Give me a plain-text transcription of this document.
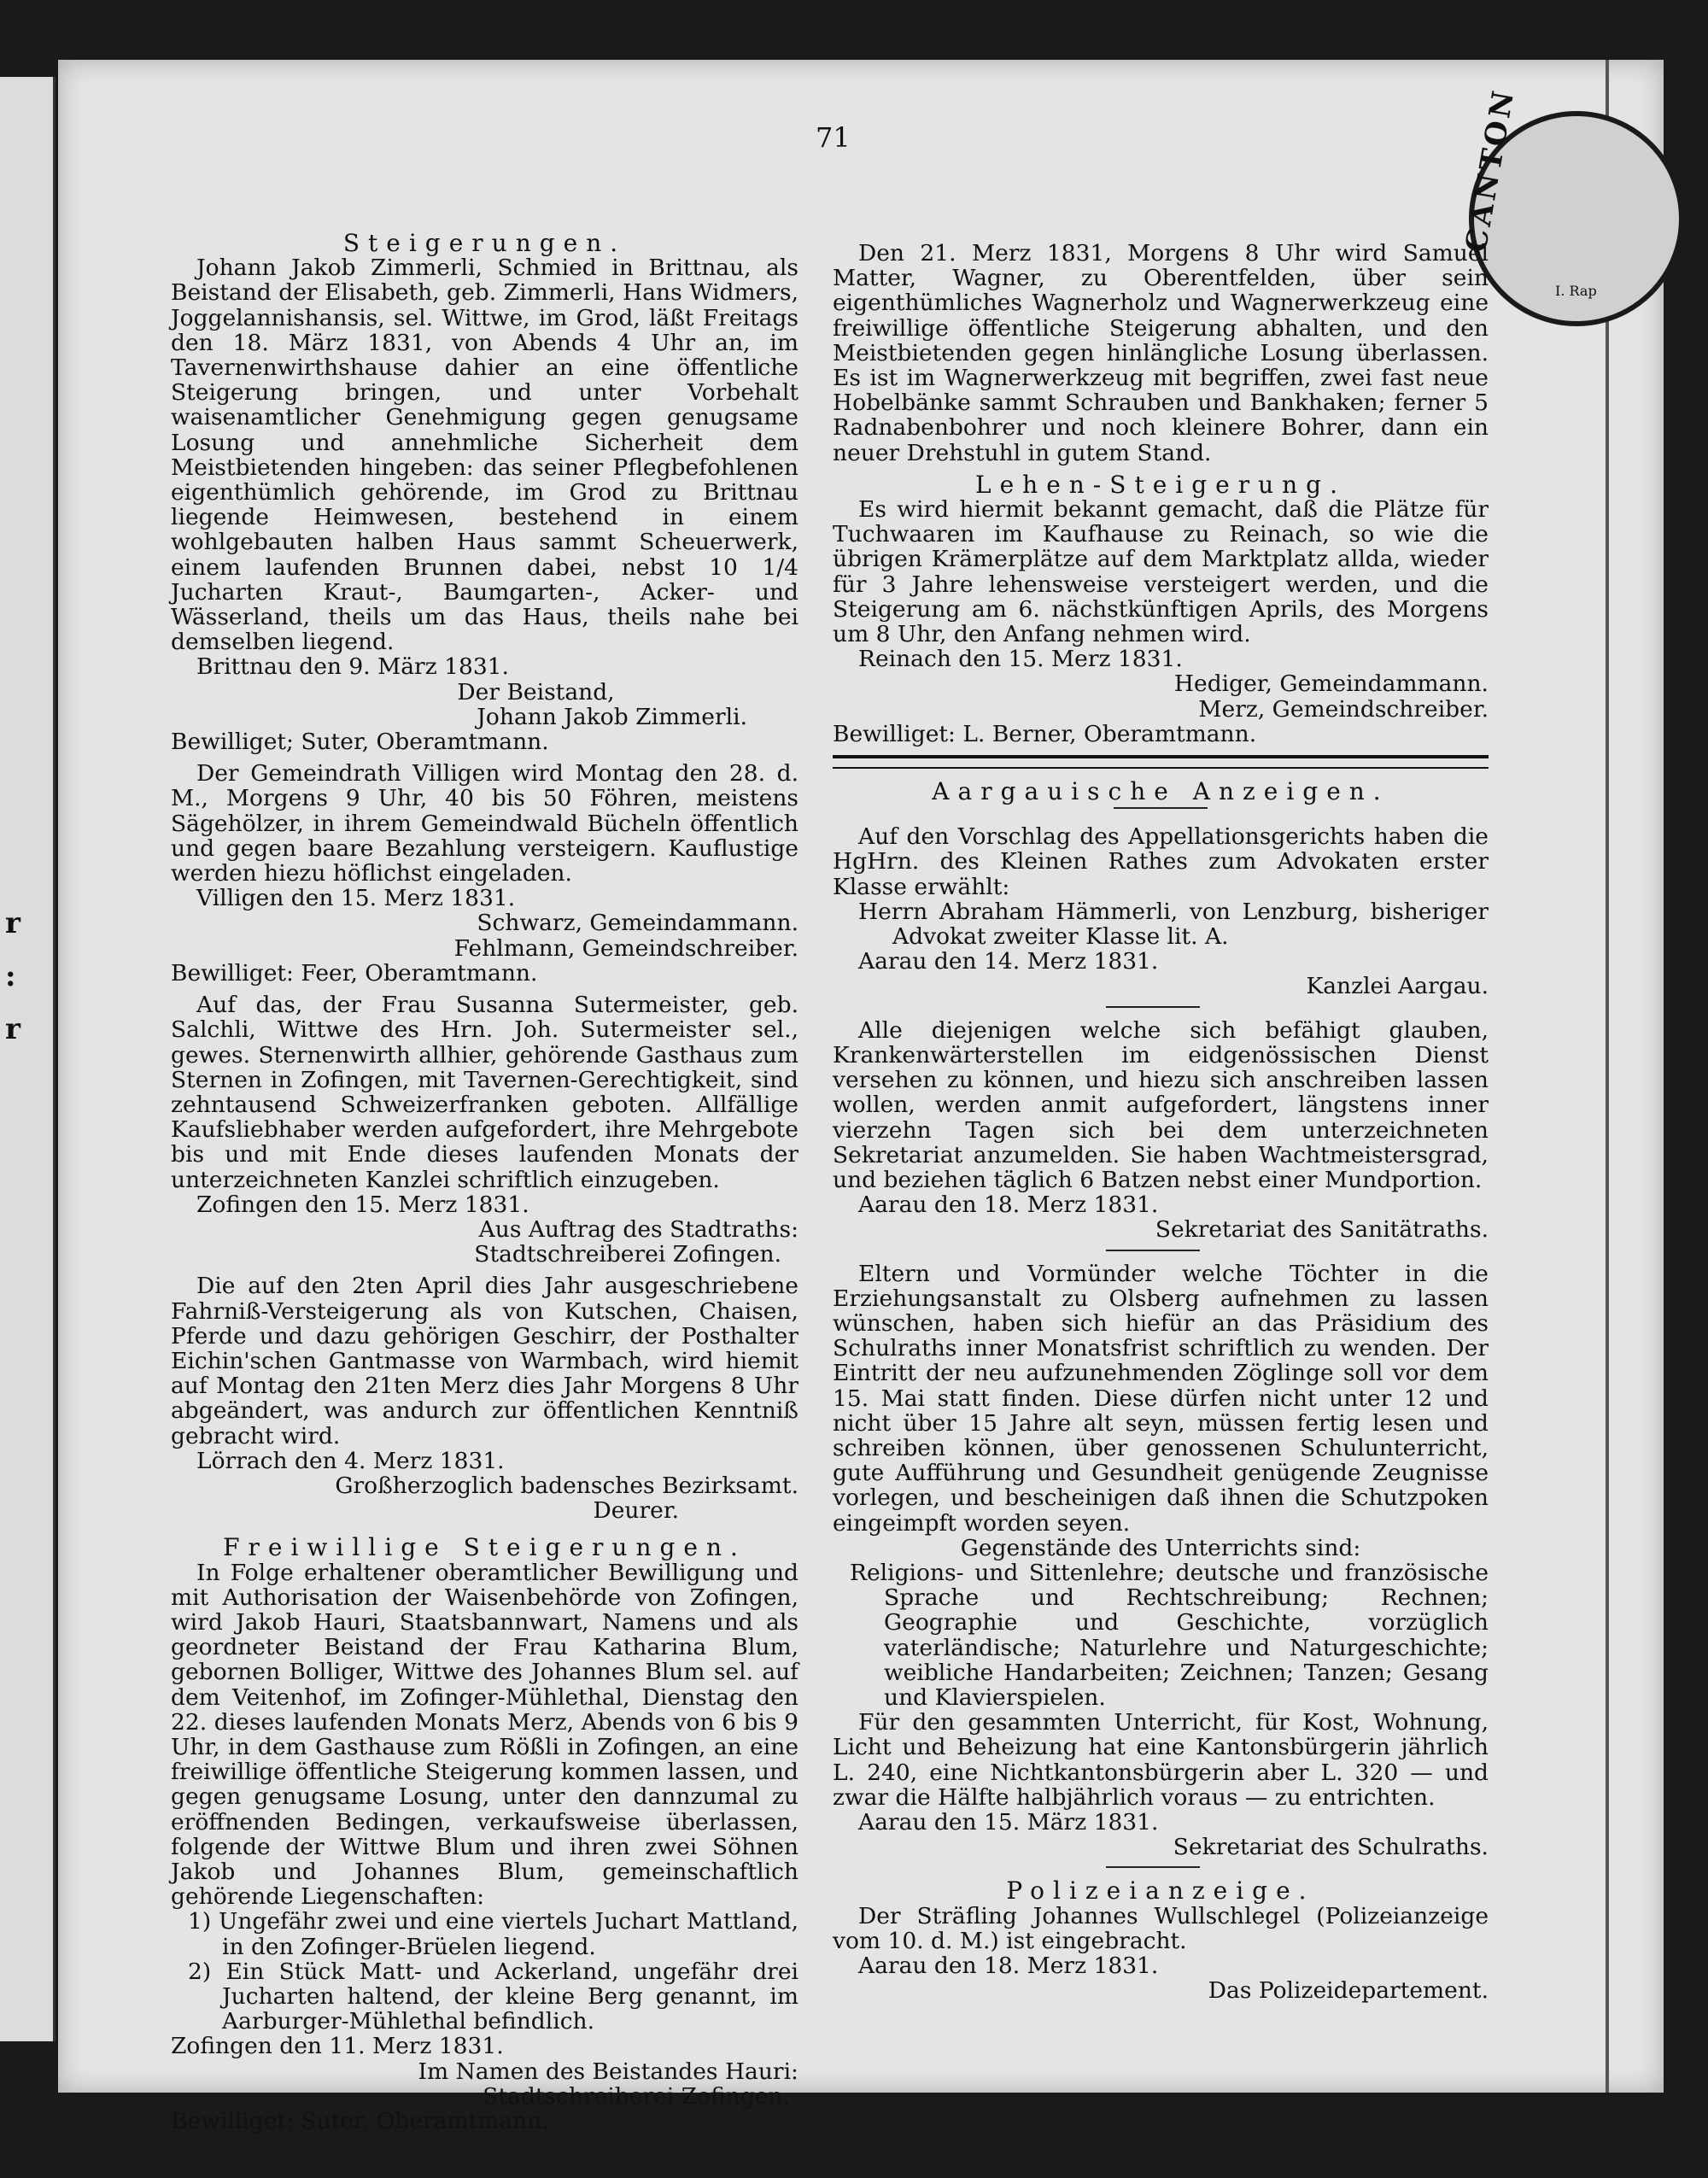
r : r
CANTON
I. Rap
71

Steigerungen.

Johann Jakob Zimmerli, Schmied in Brittnau, als Beistand der Elisabeth, geb. Zimmerli, Hans Widmers, Joggelannishansis, sel. Wittwe, im Grod, läßt Freitags den 18. März 1831, von Abends 4 Uhr an, im Tavernenwirthshause dahier an eine öffentliche Steigerung bringen, und unter Vorbehalt waisenamtlicher Genehmigung gegen genugsame Losung und annehmliche Sicherheit dem Meistbietenden hingeben: das seiner Pflegbefohlenen eigenthümlich gehörende, im Grod zu Brittnau liegende Heimwesen, bestehend in einem wohlgebauten halben Haus sammt Scheuerwerk, einem laufenden Brunnen dabei, nebst 10 1/4 Jucharten Kraut-, Baumgarten-, Acker- und Wässerland, theils um das Haus, theils nahe bei demselben liegend.

Brittnau den 9. März 1831.

Der Beistand,

Johann Jakob Zimmerli.

Bewilliget; Suter, Oberamtmann.

Der Gemeindrath Villigen wird Montag den 28. d. M., Morgens 9 Uhr, 40 bis 50 Föhren, meistens Sägehölzer, in ihrem Gemeindwald Bücheln öffentlich und gegen baare Bezahlung versteigern. Kauflustige werden hiezu höflichst eingeladen.

Villigen den 15. Merz 1831.

Schwarz, Gemeindammann.

Fehlmann, Gemeindschreiber.

Bewilliget: Feer, Oberamtmann.

Auf das, der Frau Susanna Sutermeister, geb. Salchli, Wittwe des Hrn. Joh. Sutermeister sel., gewes. Sternenwirth allhier, gehörende Gasthaus zum Sternen in Zofingen, mit Tavernen-Gerechtigkeit, sind zehntausend Schweizerfranken geboten. Allfällige Kaufsliebhaber werden aufgefordert, ihre Mehrgebote bis und mit Ende dieses laufenden Monats der unterzeichneten Kanzlei schriftlich einzugeben.

Zofingen den 15. Merz 1831.

Aus Auftrag des Stadtraths:

Stadtschreiberei Zofingen.

Die auf den 2ten April dies Jahr ausgeschriebene Fahrniß-Versteigerung als von Kutschen, Chaisen, Pferde und dazu gehörigen Geschirr, der Posthalter Eichin'schen Gantmasse von Warmbach, wird hiemit auf Montag den 21ten Merz dies Jahr Morgens 8 Uhr abgeändert, was andurch zur öffentlichen Kenntniß gebracht wird.

Lörrach den 4. Merz 1831.

Großherzoglich badensches Bezirksamt.

Deurer.

Freiwillige Steigerungen.

In Folge erhaltener oberamtlicher Bewilligung und mit Authorisation der Waisenbehörde von Zofingen, wird Jakob Hauri, Staatsbannwart, Namens und als geordneter Beistand der Frau Katharina Blum, gebornen Bolliger, Wittwe des Johannes Blum sel. auf dem Veitenhof, im Zofinger-Mühlethal, Dienstag den 22. dieses laufenden Monats Merz, Abends von 6 bis 9 Uhr, in dem Gasthause zum Rößli in Zofingen, an eine freiwillige öffentliche Steigerung kommen lassen, und gegen genugsame Losung, unter den dannzumal zu eröffnenden Bedingen, verkaufsweise überlassen, folgende der Wittwe Blum und ihren zwei Söhnen Jakob und Johannes Blum, gemeinschaftlich gehörende Liegenschaften:

1) Ungefähr zwei und eine viertels Juchart Mattland, in den Zofinger-Brüelen liegend.

2) Ein Stück Matt- und Ackerland, ungefähr drei Jucharten haltend, der kleine Berg genannt, im Aarburger-Mühlethal befindlich.

Zofingen den 11. Merz 1831.

Im Namen des Beistandes Hauri:

Stadtschreiberei Zofingen.

Bewilliget: Suter, Oberamtmann.

Den 21. Merz 1831, Morgens 8 Uhr wird Samuel Matter, Wagner, zu Oberentfelden, über sein eigenthümliches Wagnerholz und Wagnerwerkzeug eine freiwillige öffentliche Steigerung abhalten, und den Meistbietenden gegen hinlängliche Losung überlassen. Es ist im Wagnerwerkzeug mit begriffen, zwei fast neue Hobelbänke sammt Schrauben und Bankhaken; ferner 5 Radnabenbohrer und noch kleinere Bohrer, dann ein neuer Drehstuhl in gutem Stand.

Lehen-Steigerung.

Es wird hiermit bekannt gemacht, daß die Plätze für Tuchwaaren im Kaufhause zu Reinach, so wie die übrigen Krämerplätze auf dem Marktplatz allda, wieder für 3 Jahre lehensweise versteigert werden, und die Steigerung am 6. nächstkünftigen Aprils, des Morgens um 8 Uhr, den Anfang nehmen wird.

Reinach den 15. Merz 1831.

Hediger, Gemeindammann.

Merz, Gemeindschreiber.

Bewilliget: L. Berner, Oberamtmann.

Aargauische Anzeigen.

Auf den Vorschlag des Appellationsgerichts haben die HgHrn. des Kleinen Rathes zum Advokaten erster Klasse erwählt:

Herrn Abraham Hämmerli, von Lenzburg, bisheriger Advokat zweiter Klasse lit. A.

Aarau den 14. Merz 1831.

Kanzlei Aargau.

Alle diejenigen welche sich befähigt glauben, Krankenwärterstellen im eidgenössischen Dienst versehen zu können, und hiezu sich anschreiben lassen wollen, werden anmit aufgefordert, längstens inner vierzehn Tagen sich bei dem unterzeichneten Sekretariat anzumelden. Sie haben Wachtmeistersgrad, und beziehen täglich 6 Batzen nebst einer Mundportion.

Aarau den 18. Merz 1831.

Sekretariat des Sanitätraths.

Eltern und Vormünder welche Töchter in die Erziehungsanstalt zu Olsberg aufnehmen zu lassen wünschen, haben sich hiefür an das Präsidium des Schulraths inner Monatsfrist schriftlich zu wenden. Der Eintritt der neu aufzunehmenden Zöglinge soll vor dem 15. Mai statt finden. Diese dürfen nicht unter 12 und nicht über 15 Jahre alt seyn, müssen fertig lesen und schreiben können, über genossenen Schulunterricht, gute Aufführung und Gesundheit genügende Zeugnisse vorlegen, und bescheinigen daß ihnen die Schutzpoken eingeimpft worden seyen.

Gegenstände des Unterrichts sind:

Religions- und Sittenlehre; deutsche und französische Sprache und Rechtschreibung; Rechnen; Geographie und Geschichte, vorzüglich vaterländische; Naturlehre und Naturgeschichte; weibliche Handarbeiten; Zeichnen; Tanzen; Gesang und Klavierspielen.

Für den gesammten Unterricht, für Kost, Wohnung, Licht und Beheizung hat eine Kantonsbürgerin jährlich L. 240, eine Nichtkantonsbürgerin aber L. 320 — und zwar die Hälfte halbjährlich voraus — zu entrichten.

Aarau den 15. März 1831.

Sekretariat des Schulraths.

Polizeianzeige.

Der Sträfling Johannes Wullschlegel (Polizeianzeige vom 10. d. M.) ist eingebracht.

Aarau den 18. Merz 1831.

Das Polizeidepartement.
